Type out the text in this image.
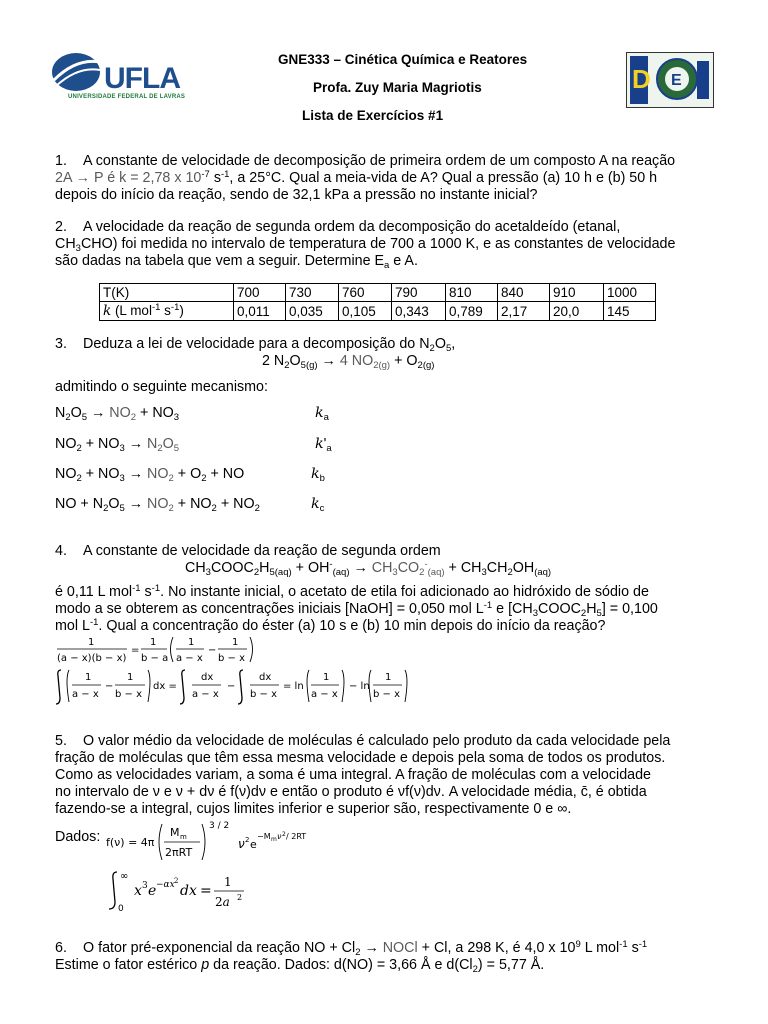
UFLA
UNIVERSIDADE FEDERAL DE LAVRAS
GNE333 – Cinética Química e Reatores
Profa. Zuy Maria Magriotis
Lista de Exercícios #1
D E
1. A constante de velocidade de decomposição de primeira ordem de um composto A na reação
2A → P é k = 2,78 x $10^{-7}$ $s^{-1}$, a 25°C. Qual a meia-vida de A? Qual a pressão (a) 10 h e (b) 50 h
depois do início da reação, sendo de 32,1 kPa a pressão no instante inicial?
2. A velocidade da reação de segunda ordem da decomposição do acetaldeído (etanal,
$CH_3CHO$) foi medida no intervalo de temperatura de 700 a 1000 K, e as constantes de velocidade
são dadas na tabela que vem a seguir. Determine $E_a$ e A.
T(K)	700	730	760	790	810	840	910	1000
k (L mol$^{-1}$ $s^{-1}$)	0,011	0,035	0,105	0,343	0,789	2,17	20,0	145
3. Deduza a lei de velocidade para a decomposição do $N_2O_5$,
2 $N_2O_{5(g)} \to 4$ $NO_{2(g)} + O_{2(g)}$
admitindo o seguinte mecanismo:
$N_2O_5 \to NO_2 + NO_3$	$k_a$
$NO_2 + NO_3 \to N_2O_5$	$k'_a$
$NO_2 + NO_3 \to NO_2 + O_2$ + NO	$k_b$
NO + $N_2O_5 \to NO_2 + NO_2 + NO_2$	$k_c$
4. A constante de velocidade da reação de segunda ordem
$CH_3COOC_2H_{5(aq)} + OH^-_{(aq)} \to CH_3CO_2^-_{(aq)} + CH_3CH_2OH_{(aq)}$
é 0,11 L mol$^{-1}$ $s^{-1}$. No instante inicial, o acetato de etila foi adicionado ao hidróxido de sódio de
modo a se obterem as concentrações iniciais [NaOH] = 0,050 mol $L^{-1}$ e $[CH_3COOC_2H_5] = 0,100$
mol $L^{-1}$. Qual a concentração do éster (a) 10 s e (b) 10 min depois do início da reação?
1
(a − x)(b − x)
=
1
b − a
1
a − x
−
1
b − x
1
a − x
−
1
b − x
dx =
dx
a − x
−
dx
b − x
= ln
1
a − x
− ln
1
b − x
5. O valor médio da velocidade de moléculas é calculado pelo produto da cada velocidade pela
fração de moléculas que têm essa mesma velocidade e depois pela soma de todos os produtos.
Como as velocidades variam, a soma é uma integral. A fração de moléculas com a velocidade
no intervalo de ν e ν + dν é f(ν)dν e então o produto é νf(ν)dν. A velocidade média, c̄, é obtida
fazendo-se a integral, cujos limites inferior e superior são, respectivamente 0 e ∞.
Dados: f(ν) = 4π
M m
2πRT
3 / 2
ν 2 e
−M m ν 2 / 2RT
∞
0
x 3 e −αx 2
dx =
1
2a 2
6. O fator pré-exponencial da reação NO + $Cl_2$ → NOCl + Cl, a 298 K, é 4,0 x $10^9$ L mol$^{-1}$ $s^{-1}$
Estime o fator estérico p da reação. Dados: d(NO) = 3,66 Å e $d(Cl_2) = 5,77$ Å.
